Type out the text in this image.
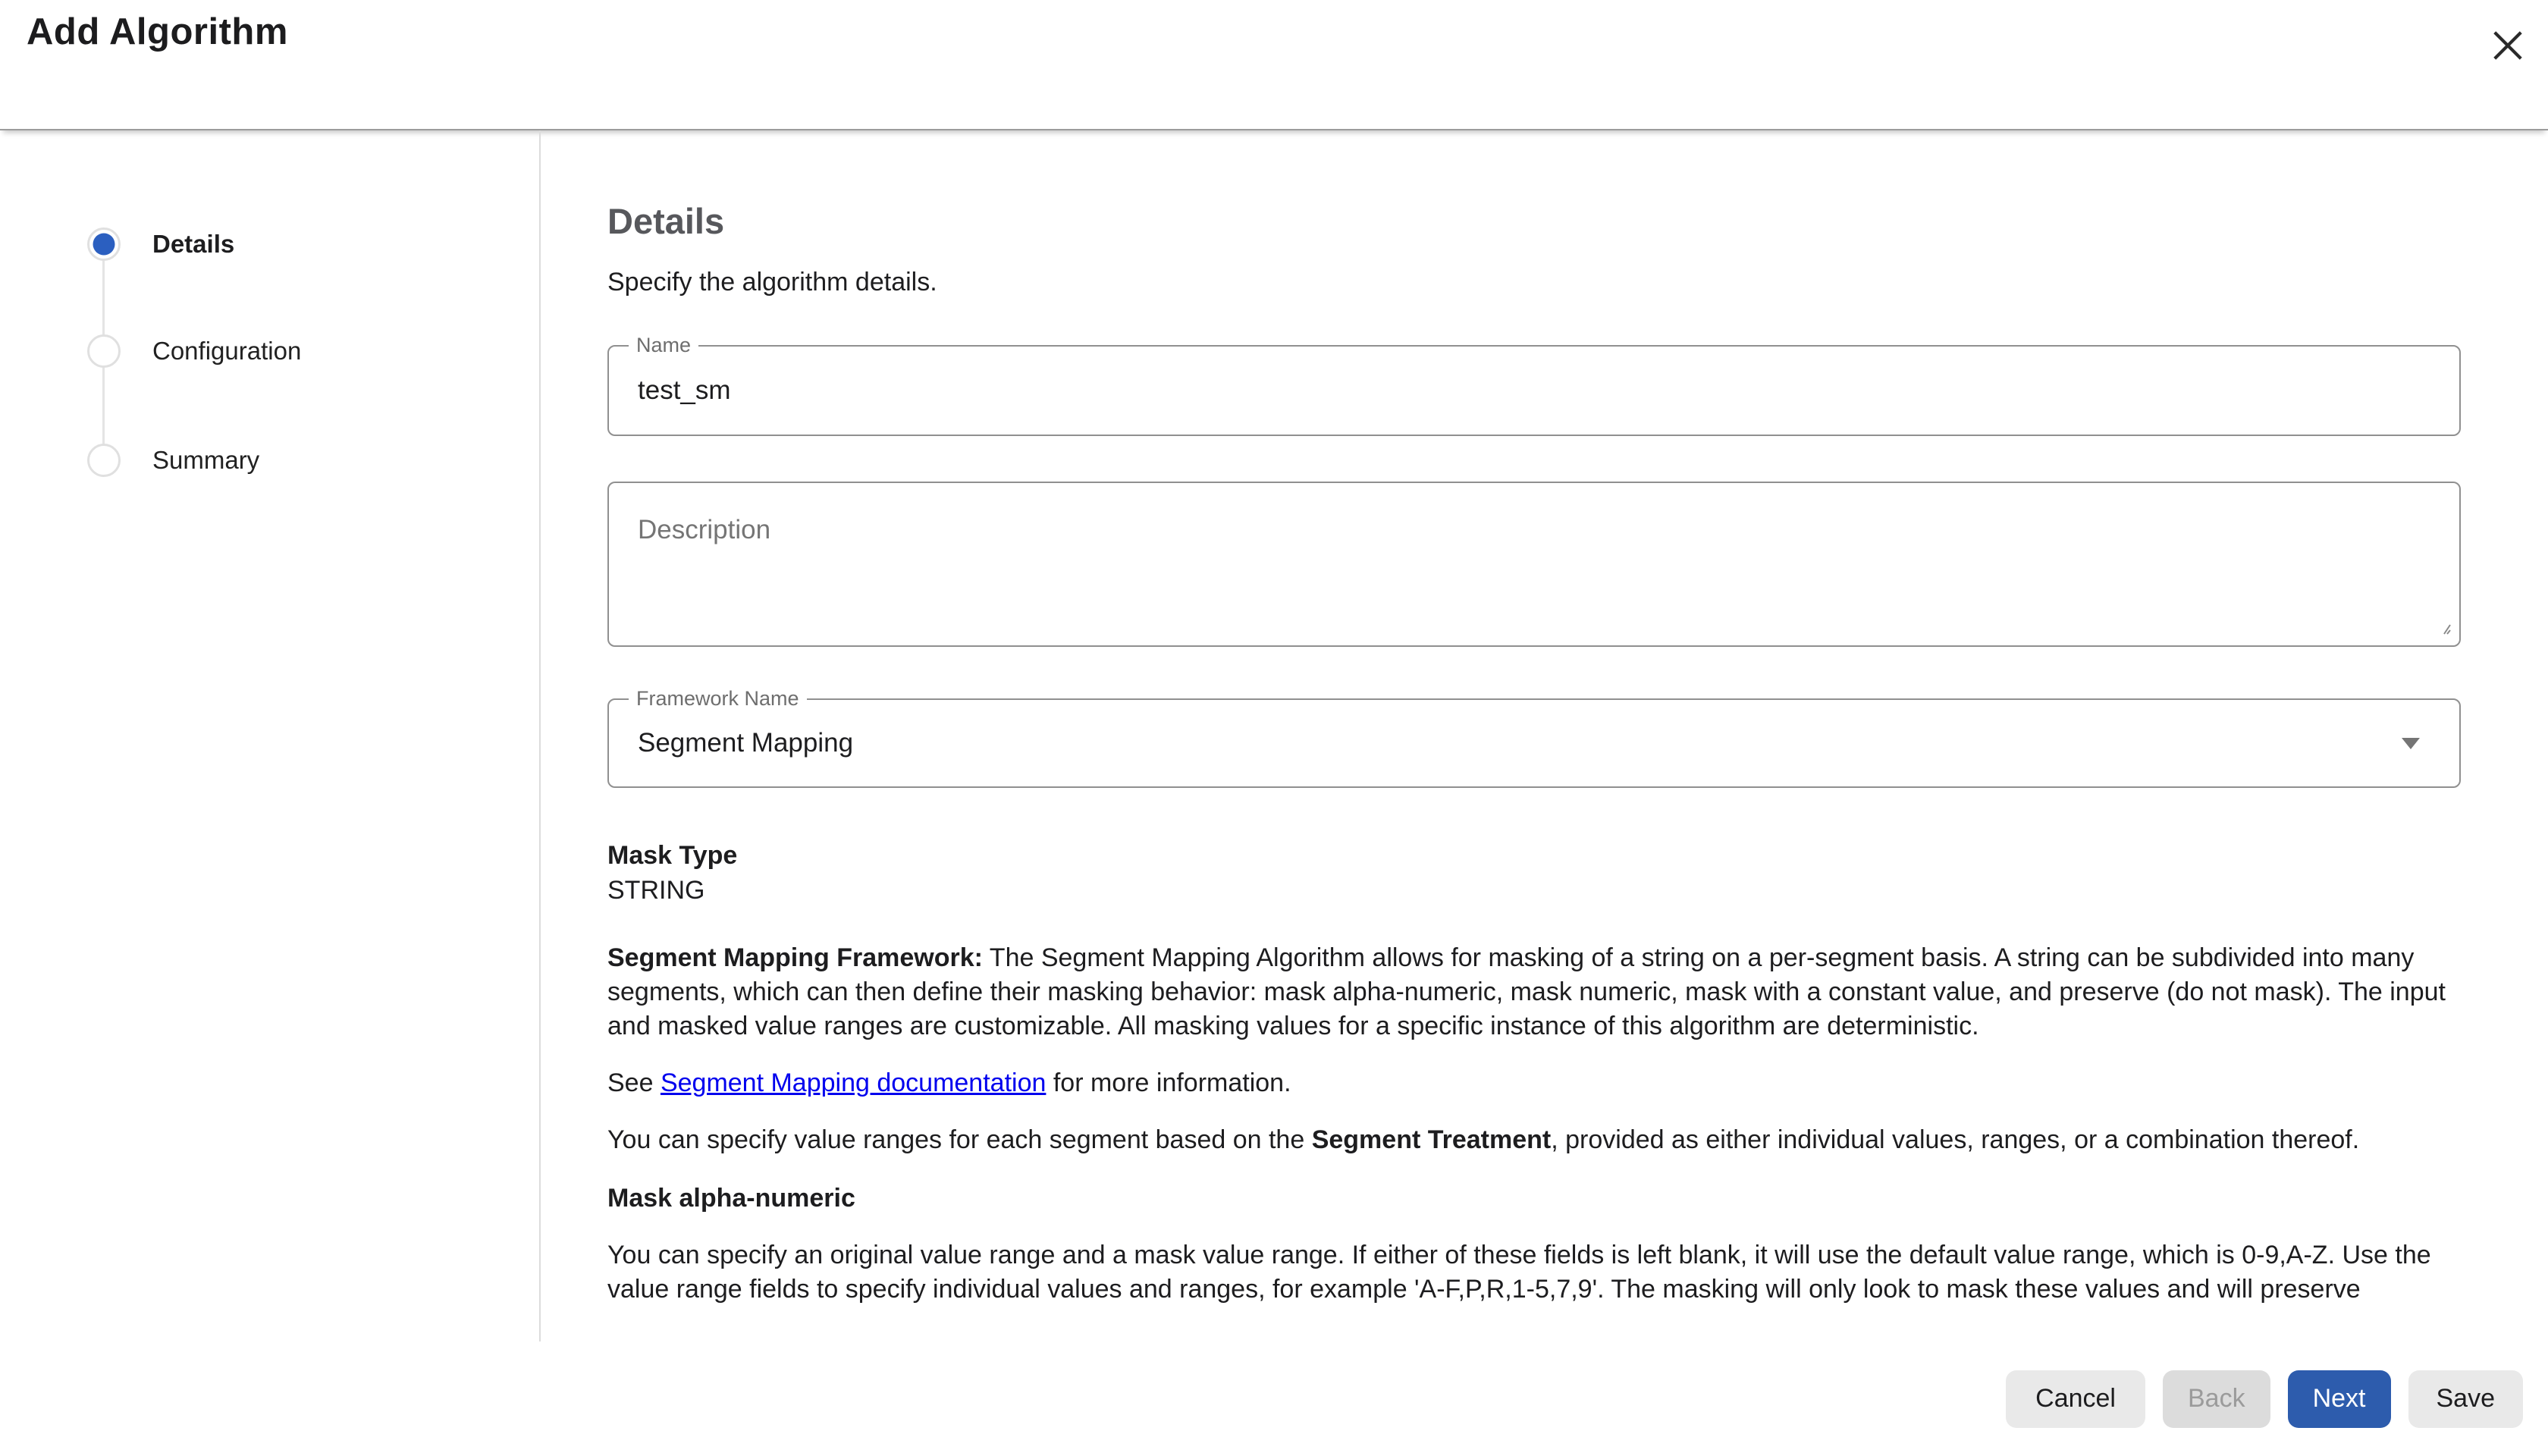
Add Algorithm
Details
Configuration
Summary
Details

Specify the algorithm details.

Name
test_sm
Description
Framework Name
Segment Mapping
Mask Type
STRING

Segment Mapping Framework: The Segment Mapping Algorithm allows for masking of a string on a per-segment basis. A string can be subdivided into many segments, which can then define their masking behavior: mask alpha-numeric, mask numeric, mask with a constant value, and preserve (do not mask). The input and masked value ranges are customizable. All masking values for a specific instance of this algorithm are deterministic.

See Segment Mapping documentation for more information.

You can specify value ranges for each segment based on the Segment Treatment, provided as either individual values, ranges, or a combination thereof.

Mask alpha-numeric

You can specify an original value range and a mask value range. If either of these fields is left blank, it will use the default value range, which is 0-9,A-Z. Use the value range fields to specify individual values and ranges, for example 'A-F,P,R,1-5,7,9'. The masking will only look to mask these values and will preserve

Cancel	Back	Next	Save
